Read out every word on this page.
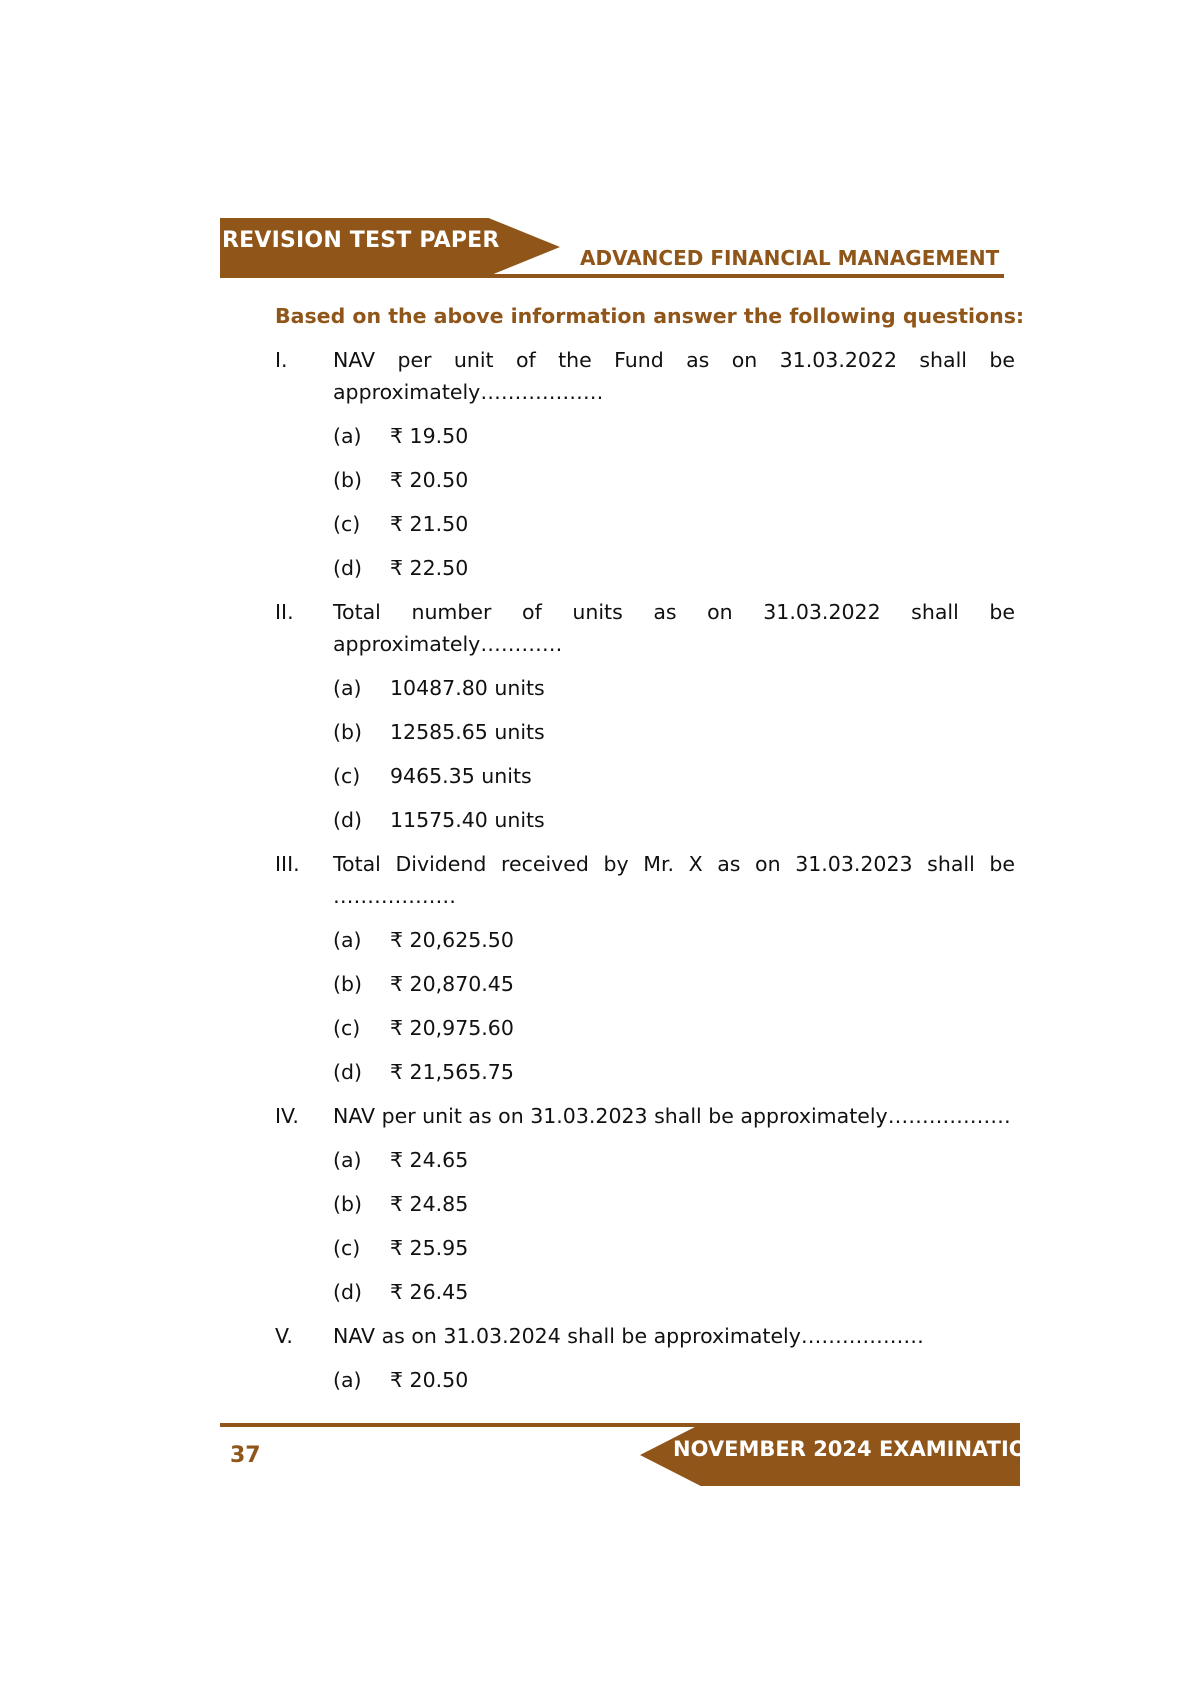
REVISION TEST PAPER
ADVANCED FINANCIAL MANAGEMENT
Based on the above information answer the following questions:
I. NAV per unit of the Fund as on 31.03.2022 shall be
approximately………………
(a) ₹ 19.50
(b) ₹ 20.50
(c) ₹ 21.50
(d) ₹ 22.50
II. Total number of units as on 31.03.2022 shall be
approximately…………
(a) 10487.80 units
(b) 12585.65 units
(c) 9465.35 units
(d) 11575.40 units
III. Total Dividend received by Mr. X as on 31.03.2023 shall be
………………
(a) ₹ 20,625.50
(b) ₹ 20,870.45
(c) ₹ 20,975.60
(d) ₹ 21,565.75
IV. NAV per unit as on 31.03.2023 shall be approximately………………
(a) ₹ 24.65
(b) ₹ 24.85
(c) ₹ 25.95
(d) ₹ 26.45
V. NAV as on 31.03.2024 shall be approximately………………
(a) ₹ 20.50
37	NOVEMBER 2024 EXAMINATION
